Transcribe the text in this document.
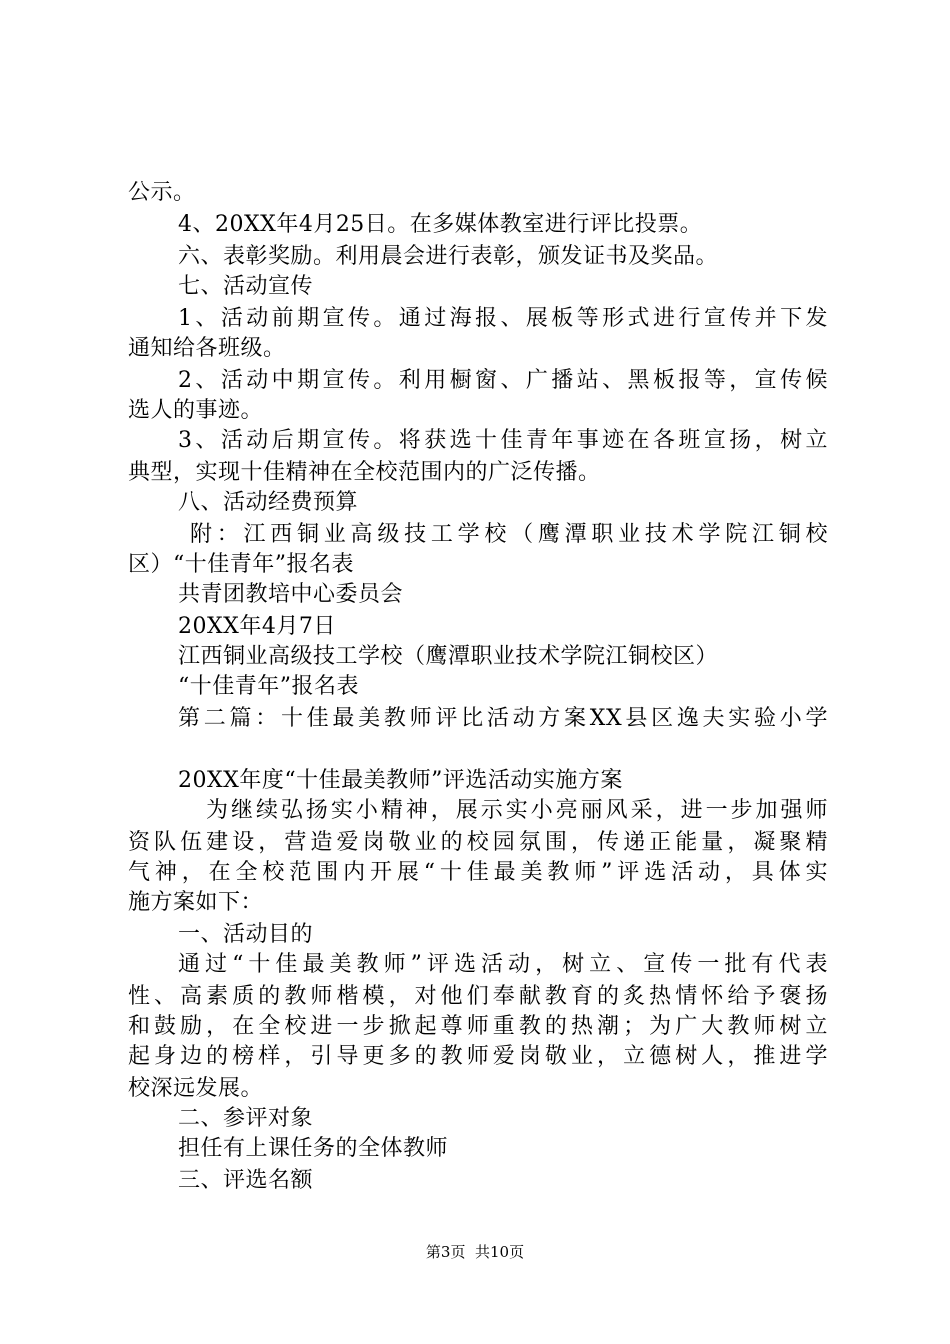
公示。
4、20XX年4月25日。在多媒体教室进行评比投票。
六、表彰奖励。利用晨会进行表彰，颁发证书及奖品。
七、活动宣传
1、活动前期宣传。通过海报、展板等形式进行宣传并下发
通知给各班级。
2、活动中期宣传。利用橱窗、广播站、黑板报等，宣传候
选人的事迹。
3、活动后期宣传。将获选十佳青年事迹在各班宣扬，树立
典型，实现十佳精神在全校范围内的广泛传播。
八、活动经费预算
附：江西铜业高级技工学校（鹰潭职业技术学院江铜校
区）“十佳青年”报名表
共青团教培中心委员会
20XX年4月7日
江西铜业高级技工学校（鹰潭职业技术学院江铜校区）
“十佳青年”报名表
第二篇：十佳最美教师评比活动方案XX县区逸夫实验小学
20XX年度“十佳最美教师”评选活动实施方案
为继续弘扬实小精神，展示实小亮丽风采，进一步加强师
资队伍建设，营造爱岗敬业的校园氛围，传递正能量，凝聚精
气神，在全校范围内开展“十佳最美教师”评选活动，具体实
施方案如下：
一、活动目的
通过“十佳最美教师”评选活动，树立、宣传一批有代表
性、高素质的教师楷模，对他们奉献教育的炙热情怀给予褒扬
和鼓励，在全校进一步掀起尊师重教的热潮；为广大教师树立
起身边的榜样，引导更多的教师爱岗敬业，立德树人，推进学
校深远发展。
二、参评对象
担任有上课任务的全体教师
三、评选名额
第3页  共10页
